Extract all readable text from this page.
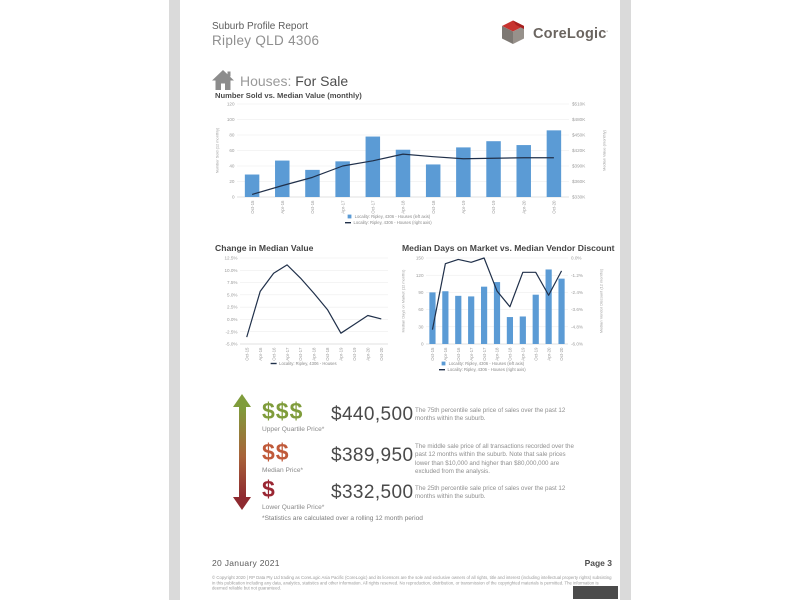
Suburb Profile Report
Ripley QLD 4306	CoreLogic '
Houses: For Sale
Number Sold vs. Median Value (monthly)
0	$330K
20	$360K
40	$390K
60	$420K
80	$450K
100	$480K
120	$510K
Oct-15	Apr-16	Oct-16	Apr-17	Oct-17	Apr-18	Oct-18	Apr-19	Oct-19	Apr-20	Oct-20
Number Sold (12 monthly)	Median Value (monthly)
Locality: Ripley, 4306 - Houses (left axis)
Locality: Ripley, 4306 - Houses (right axis)
Change in Median Value
-5.0%
-2.5%
0.0%
2.5%
5.0%
7.5%
10.0%
12.5%
Oct-15 Apr-16 Oct-16 Apr-17 Oct-17 Apr-18 Oct-18 Apr-19 Oct-19 Apr-20 Oct-20
Locality: Ripley, 4306 - Houses
Median Days on Market vs. Median Vendor Discount
0	-6.0%
30	-4.8%
60	-3.6%
90	-2.4%
120	-1.2%
150	0.0%
Oct-15 Apr-16 Oct-16 Apr-17 Oct-17 Apr-18 Oct-18 Apr-19 Oct-19 Apr-20 Oct-20
Median Days on Market (12 months)	Median Vendor Discount (12 months)
Locality: Ripley, 4306 - Houses (left axis)
Locality: Ripley, 4306 - Houses (right axis)
$$$
Upper Quartile Price*
$440,500 The 75th percentile sale price of sales over the past 12 months within the suburb.
$$
Median Price*
$389,950 The middle sale price of all transactions recorded over the past 12 months within the suburb. Note that sale prices lower than $10,000 and higher than $80,000,000 are excluded from the analysis.
$
Lower Quartile Price*
$332,500 The 25th percentile sale price of sales over the past 12 months within the suburb.
*Statistics are calculated over a rolling 12 month period
20 January 2021	Page 3
© Copyright 2020 | RP Data Pty Ltd trading as CoreLogic Asia Pacific (CoreLogic) and its licensors are the sole and exclusive owners of all rights, title and interest (including intellectual property rights) subsisting in this publication including any data, analytics, statistics and other information. All rights reserved. No reproduction, distribution, or transmission of the copyrighted materials is permitted. The information is deemed reliable but not guaranteed.
